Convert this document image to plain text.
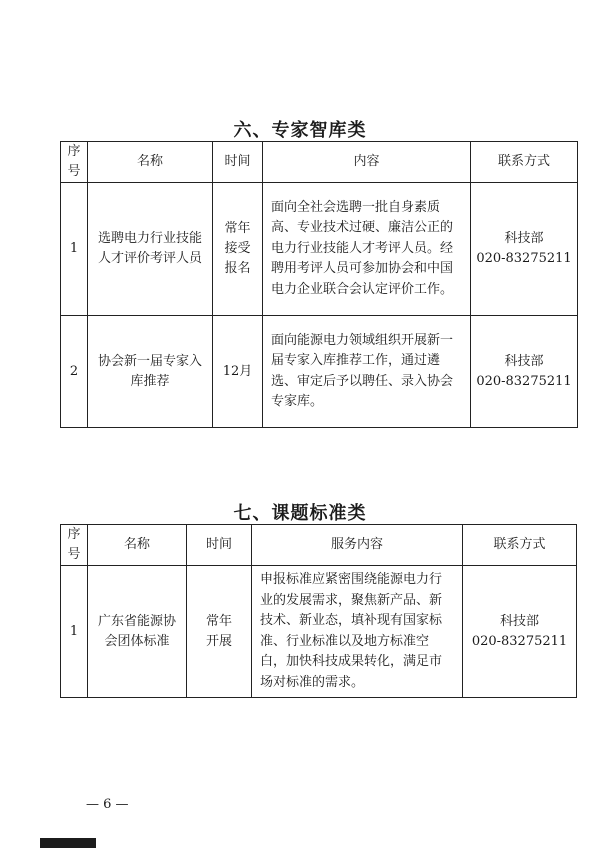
六、专家智库类
序号	名称	时间	内容	联系方式
1	选聘电力行业技能人才评价考评人员	常年接受报名	面向全社会选聘一批自身素质高、专业技术过硬、廉洁公正的电力行业技能人才考评人员。经聘用考评人员可参加协会和中国电力企业联合会认定评价工作。	科技部
020-83275211

2	协会新一届专家入库推荐	12月	面向能源电力领域组织开展新一届专家入库推荐工作，通过遴选、审定后予以聘任、录入协会专家库。	科技部
020-83275211
七、课题标准类
序号	名称	时间	服务内容	联系方式
1	广东省能源协会团体标准	常年开展	申报标准应紧密围绕能源电力行业的发展需求，聚焦新产品、新技术、新业态，填补现有国家标准、行业标准以及地方标准空白，加快科技成果转化，满足市场对标准的需求。	科技部
020-83275211
— 6 —
